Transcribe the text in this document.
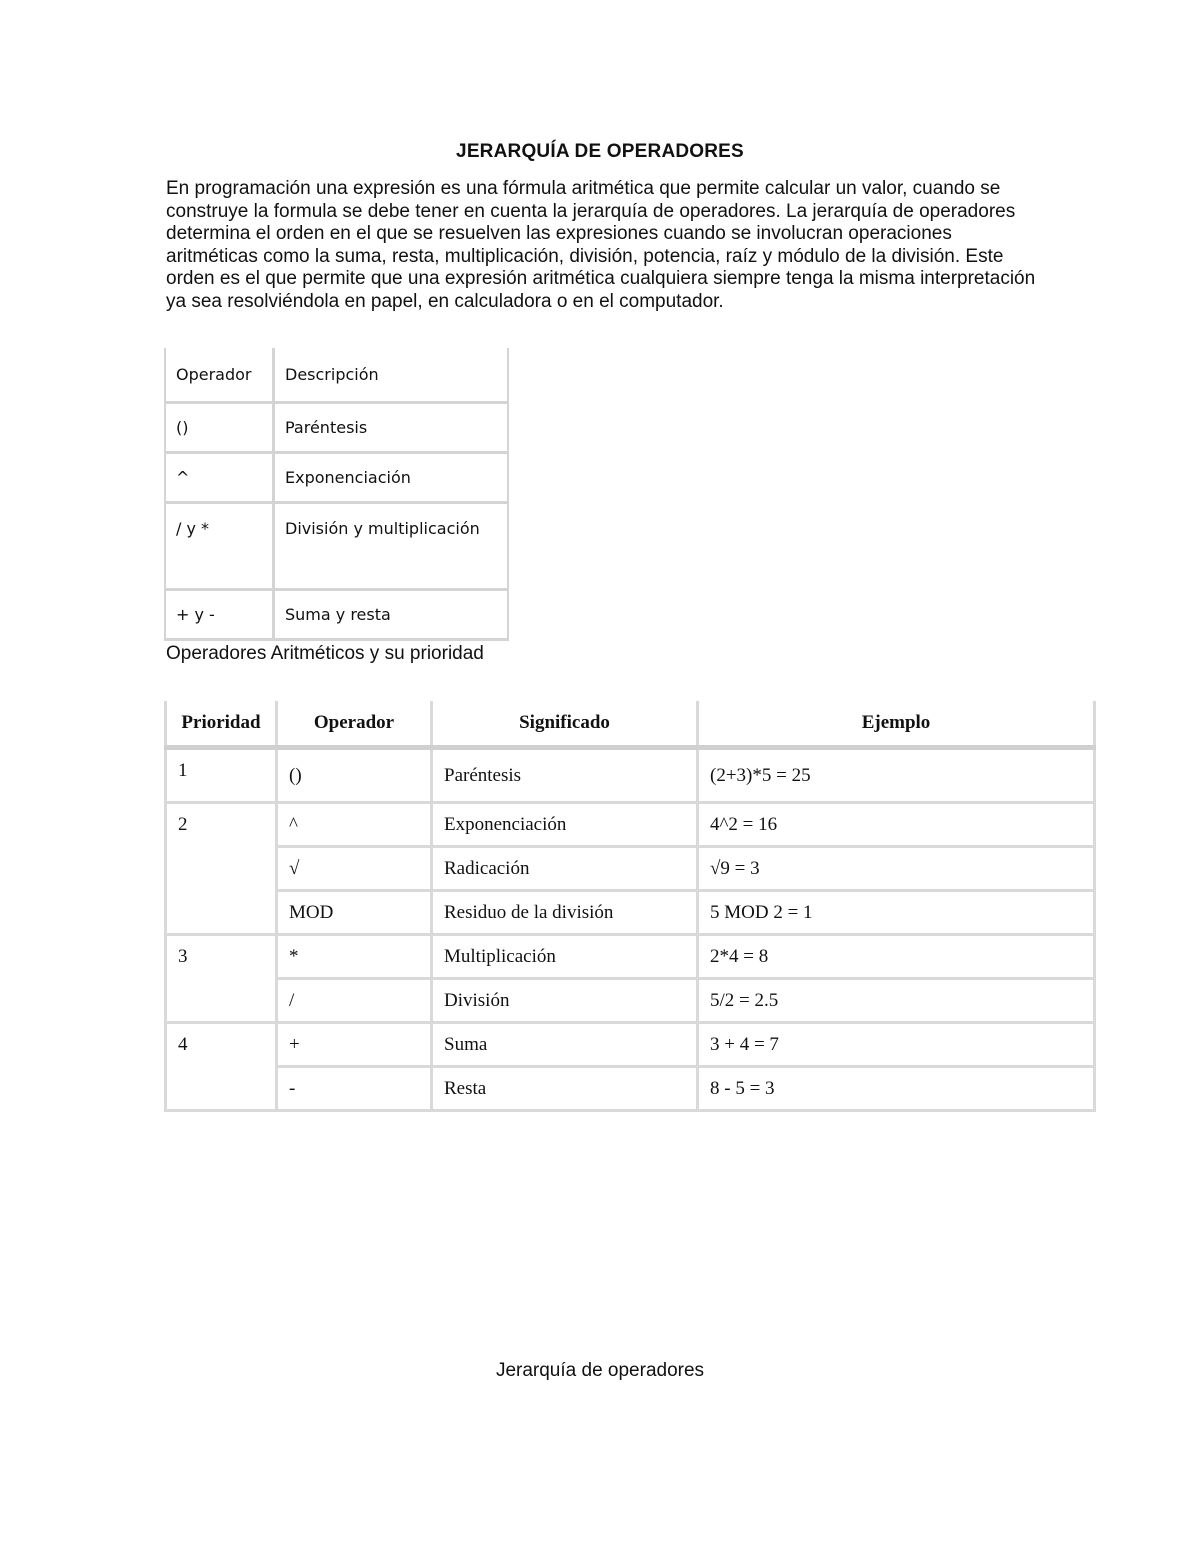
JERARQUÍA DE OPERADORES

En programación una expresión es una fórmula aritmética que permite calcular un valor, cuando se construye la formula se debe tener en cuenta la jerarquía de operadores. La jerarquía de operadores determina el orden en el que se resuelven las expresiones cuando se involucran operaciones aritméticas como la suma, resta, multiplicación, división, potencia, raíz y módulo de la división. Este orden es el que permite que una expresión aritmética cualquiera siempre tenga la misma interpretación ya sea resolviéndola en papel, en calculadora o en el computador.

Operador	Descripción
()	Paréntesis
^	Exponenciación
/ y *	División y multiplicación
+ y -	Suma y resta
Operadores Aritméticos y su prioridad
Prioridad	Operador	Significado	Ejemplo
1	()	Paréntesis	(2+3)*5 = 25
2	^	Exponenciación	4^2 = 16
	√	Radicación	√9 = 3
	MOD	Residuo de la división	5 MOD 2 = 1
3	*	Multiplicación	2*4 = 8
	/	División	5/2 = 2.5
4	+	Suma	3 + 4 = 7
	-	Resta	8 - 5 = 3
Jerarquía de operadores
